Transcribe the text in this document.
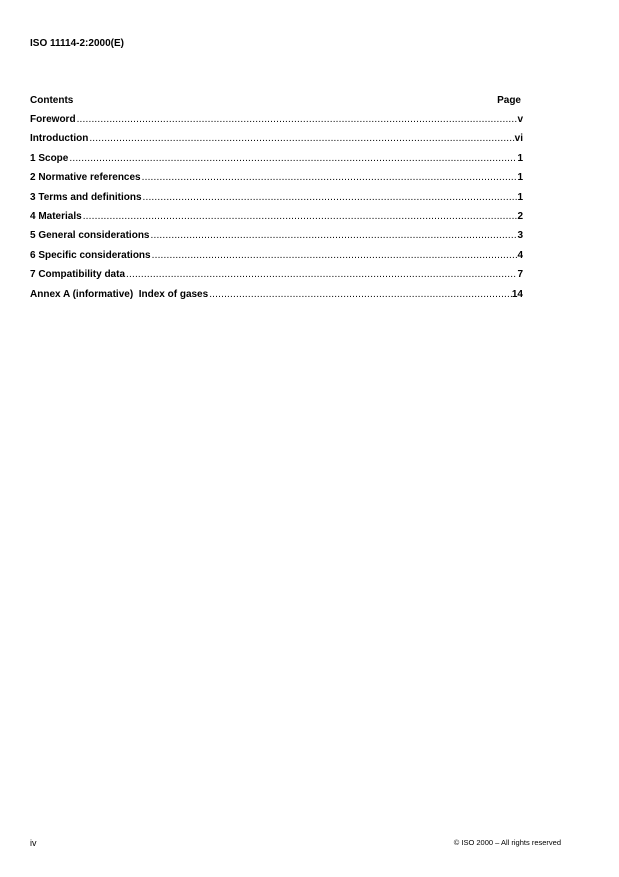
ISO 11114-2:2000(E)
Contents	Page
Foreword .....	v
Introduction .....	vi
1 Scope .....	1
2 Normative references .....	1
3 Terms and definitions .....	1
4 Materials .....	2
5 General considerations .....	3
6 Specific considerations .....	4
7 Compatibility data .....	7
Annex A (informative)  Index of gases .....	14
iv	© ISO 2000 – All rights reserved
